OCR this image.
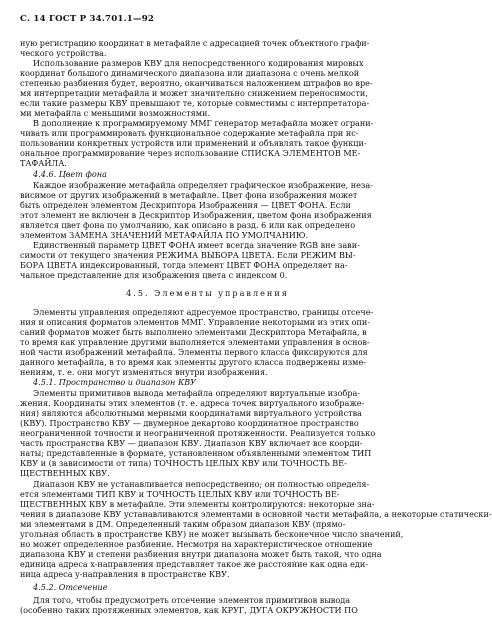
С. 14 ГОСТ Р 34.701.1—92
ную регистрацию координат в метафайле с адресацией точек объектного графи-
ческого устройства.
Использование размеров КВУ для непосредственного кодирования мировых
координат большого динамического диапазона или диапазона с очень мелкой
степенью разбиения будет, вероятно, оканчиваться наложением штрафов во вре-
мя интерпретации метафайла и может значительно снижением переносимости,
если такие размеры КВУ превышают те, которые совместимы с интерпретатора-
ми метафайла с меньшими возможностями.
В дополнение к программируемому ММГ генератор метафайла может ограни-
чивать или программировать функциональное содержание метафайла при ис-
пользовании конкретных устройств или применений и объявлять такое функци-
ональное программирование через использование СПИСКА ЭЛЕМЕНТОВ МЕ-
ТАФАЙЛА.
4.4.6. Цвет фона
Каждое изображение метафайла определяет графическое изображение, неза-
висимое от других изображений в метафайле. Цвет фона изображения может
быть определен элементом Дескриптора Изображения — ЦВЕТ ФОНА. Если
этот элемент не включен в Дескриптор Изображения, цветом фона изображения
является цвет фона по умолчанию, как описано в разд. 6 или как определено
элементом ЗАМЕНА ЗНАЧЕНИЙ МЕТАФАЙЛА ПО УМОЛЧАНИЮ.
Единственный параметр ЦВЕТ ФОНА имеет всегда значение RGB вне зави-
симости от текущего значения РЕЖИМА ВЫБОРА ЦВЕТА. Если РЕЖИМ ВЫ-
БОРА ЦВЕТА индексированный, тогда элемент ЦВЕТ ФОНА определяет на-
чальное представление для изображения цвета с индексом 0.
4.5. Элементы управления
Элементы управления определяют адресуемое пространство, границы отсече-
ния и описания форматов элементов ММГ. Управление некоторыми из этих опи-
саний форматов может быть выполнено элементами Дескриптора Метафайла, в
то время как управление другими выполняется элементами управления в основ-
ной части изображений метафайла. Элементы первого класса фиксируются для
данного метафайла, в то время как элементы другого класса подвержены изме-
нениям, т. е. они могут изменяться внутри изображения.
4.5.1. Пространство и диапазон КВУ
Элементы примитивов вывода метафайла определяют виртуальные изобра-
жения. Координаты этих элементов (т. е. адреса точек виртуального изображе-
ния) являются абсолютными мерными координатами виртуального устройства
(КВУ). Пространство КВУ — двумерное декартово координатное пространство
неограниченной точности и неограниченной протяженности. Реализуется только
часть пространства КВУ — диапазон КВУ. Диапазон КВУ включает все коорди-
наты; представленные в формате, установленном объявленными элементом ТИП
КВУ и (в зависимости от типа) ТОЧНОСТЬ ЦЕЛЫХ КВУ или ТОЧНОСТЬ ВЕ-
ЩЕСТВЕННЫХ КВУ.
Диапазон КВУ не устанавливается непосредственно; он полностью определя-
ется элементами ТИП КВУ и ТОЧНОСТЬ ЦЕЛЫХ КВУ или ТОЧНОСТЬ ВЕ-
ЩЕСТВЕННЫХ КВУ в метафайле. Эти элементы контролируются: некоторые зна-
чения в диапазоне КВУ устанавливаются элементами в основной части метафайла, а некоторые статически-
ми элементами в ДМ. Определенный таким образом диапазон КВУ (прямо-
угольная область в пространстве КВУ) не может вызывать бесконечное число значений,
но может определенное разбиение. Несмотря на характеристическое отношение
диапазона КВУ и степени разбиения внутри диапазона может быть такой, что одна
единица адреса x-направления представляет такое же расстояние как одна еди-
ница адреса y-направления в пространстве КВУ.
4.5.2. Отсечение
Для того, чтобы предусмотреть отсечение элементов примитивов вывода
(особенно таких протяженных элементов, как КРУГ, ДУГА ОКРУЖНОСТИ ПО
